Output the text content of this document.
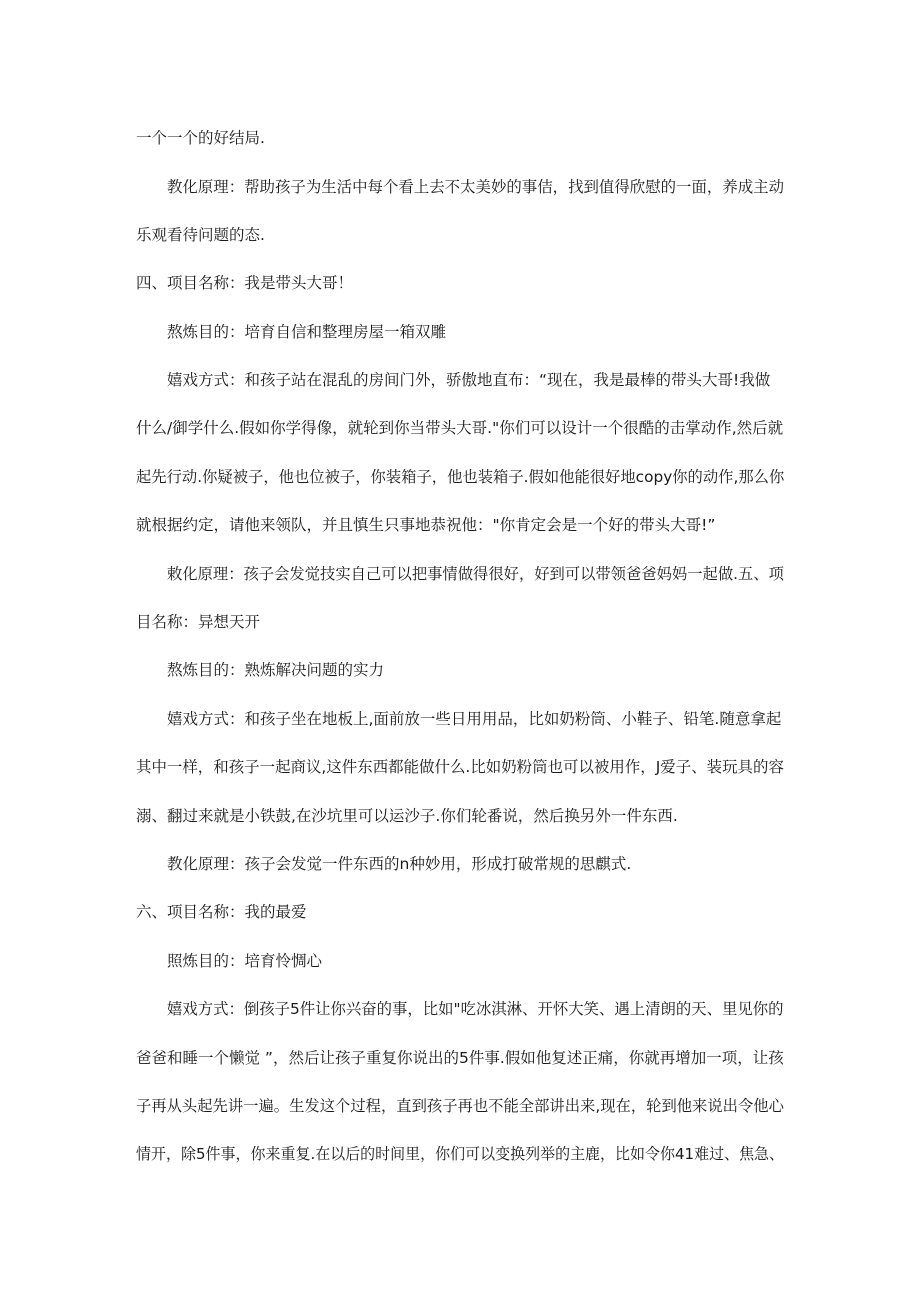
一个一个的好结局.
教化原理：帮助孩子为生活中每个看上去不太美妙的事佶，找到值得欣慰的一面，养成主动
乐观看待问题的态.
四、项目名称：我是带头大哥！
熬炼目的：培育自信和整理房屋一箱双雕
嬉戏方式：和孩子站在混乱的房间门外，骄傲地直布：“现在，我是最棒的带头大哥!我做
什么/御学什么.假如你学得像，就轮到你当带头大哥."你们可以设计一个很酷的击掌动作,然后就
起先行动.你疑被子，他也位被子，你装箱子，他也装箱子.假如他能很好地copy你的动作,那么你
就根据约定，请他来领队，并且慎生只事地恭祝他："你肯定会是一个好的带头大哥!”
敕化原理：孩子会发觉技实自己可以把事情做得很好，好到可以带领爸爸妈妈一起做.五、项
目名称：异想天开
熬炼目的：熟炼解决问题的实力
嬉戏方式：和孩子坐在地板上,面前放一些日用用品，比如奶粉筒、小鞋子、铅笔.随意拿起
其中一样，和孩子一起商议,这件东西都能做什么.比如奶粉筒也可以被用作，J爱子、装玩具的容
溺、翻过来就是小铁鼓,在沙坑里可以运沙子.你们轮番说，然后换另外一件东西.
教化原理：孩子会发觉一件东西的n种妙用，形成打破常规的思麒式.
六、项目名称：我的最爱
照炼目的：培育怜惆心
嬉戏方式：倒孩子5件让你兴奋的事，比如"吃冰淇淋、开怀大笑、遇上清朗的天、里见你的
爸爸和睡一个懒觉 ”，然后让孩子重复你说出的5件事.假如他复述正痛，你就再增加一项，让孩
子再从头起先讲一遍。生发这个过程，直到孩子再也不能全部讲出来,现在，轮到他来说出令他心
情开，除5件事，你来重复.在以后的时间里，你们可以变换列举的主鹿，比如令你41难过、焦急、
